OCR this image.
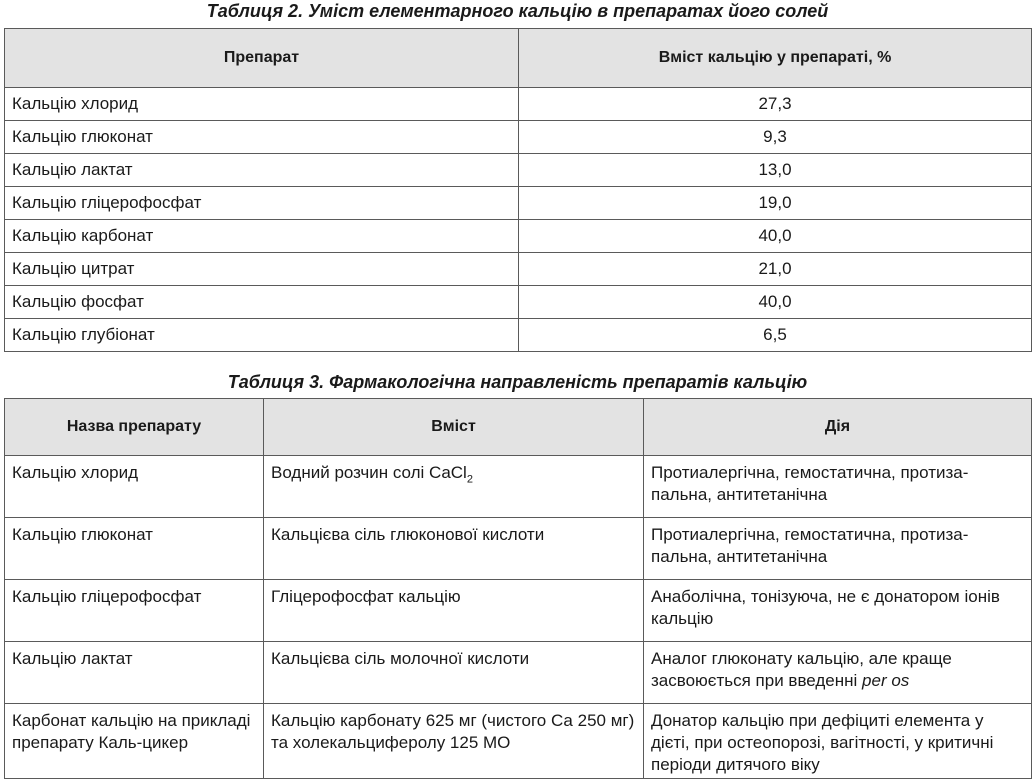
Таблиця 2. Уміст елементарного кальцію в препаратах його солей
Препарат	Вміст кальцію у препараті, %
Кальцію хлорид	27,3
Кальцію глюконат	9,3
Кальцію лактат	13,0
Кальцію гліцерофосфат	19,0
Кальцію карбонат	40,0
Кальцію цитрат	21,0
Кальцію фосфат	40,0
Кальцію глубіонат	6,5
Таблиця 3. Фармакологічна направленість препаратів кальцію
Назва препарату	Вміст	Дія
Кальцію хлорид	Водний розчин солі CaCl$_2$	Протиалергічна, гемостатична, протиза-пальна, антитетанічна
Кальцію глюконат	Кальцієва сіль глюконової кислоти	Протиалергічна, гемостатична, протиза-пальна, антитетанічна
Кальцію гліцерофосфат	Гліцерофосфат кальцію	Анаболічна, тонізуюча, не є донатором іонів кальцію
Кальцію лактат	Кальцієва сіль молочної кислоти	Аналог глюконату кальцію, але краще засвоюється при введенні per os
Карбонат кальцію на прикладі препарату Каль-цикер	Кальцію карбонату 625 мг (чистого Са 250 мг) та холекальциферолу 125 МО	Донатор кальцію при дефіциті елемента у дієті, при остеопорозі, вагітності, у критичні періоди дитячого віку
